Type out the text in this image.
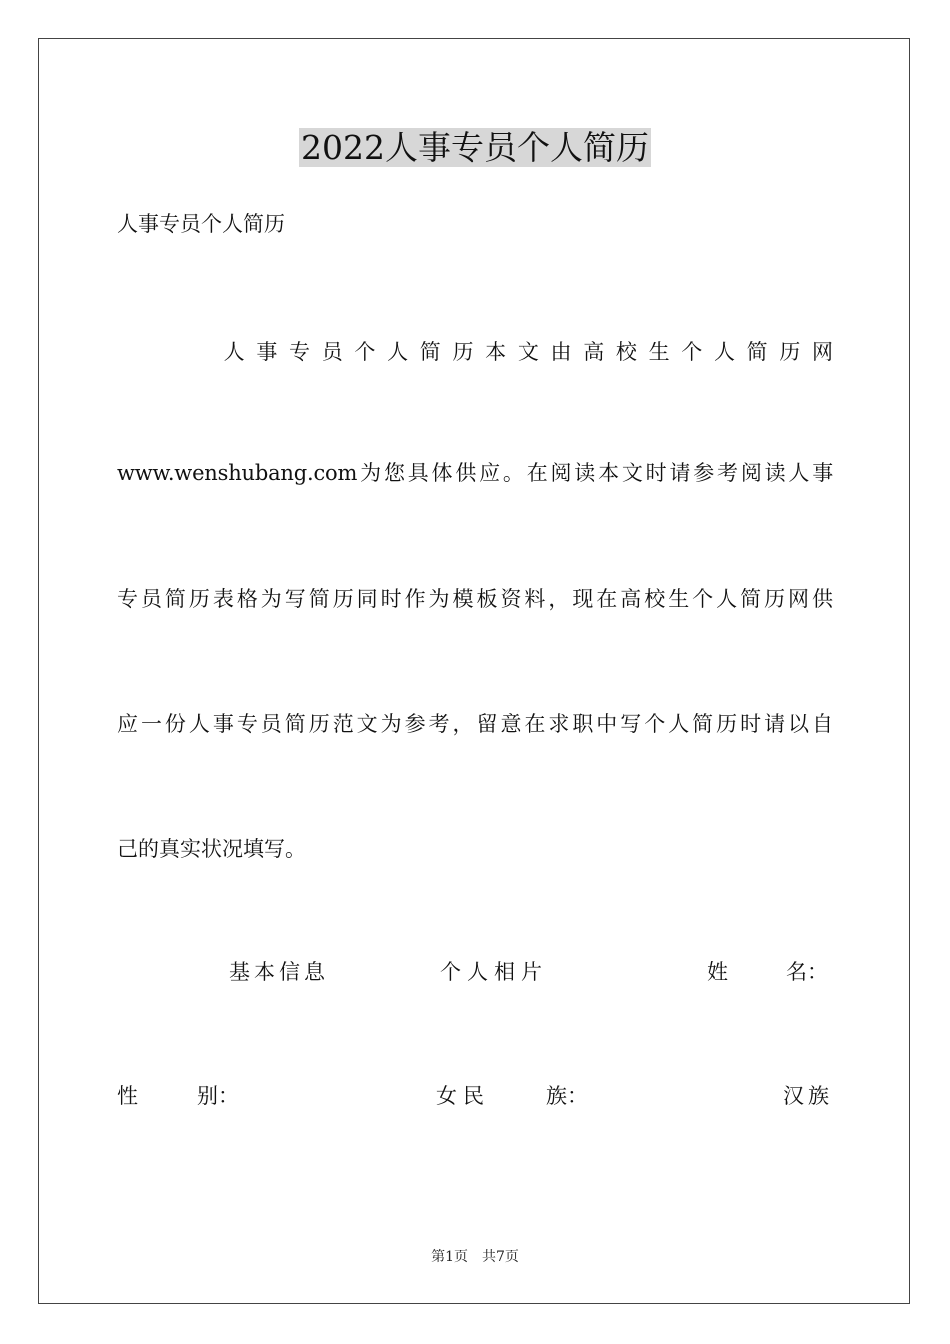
2022人事专员个人简历
人事专员个人简历
人事专员个人简历本文由高校生个人简历网
www.wenshubang.com为您具体供应。在阅读本文时请参考阅读人事
专员简历表格为写简历同时作为模板资料，现在高校生个人简历网供
应一份人事专员简历范文为参考，留意在求职中写个人简历时请以自
己的真实状况填写。
基本信息	个人相片	姓	名：
性	别：	女民	族：	汉族
第1页　共7页
